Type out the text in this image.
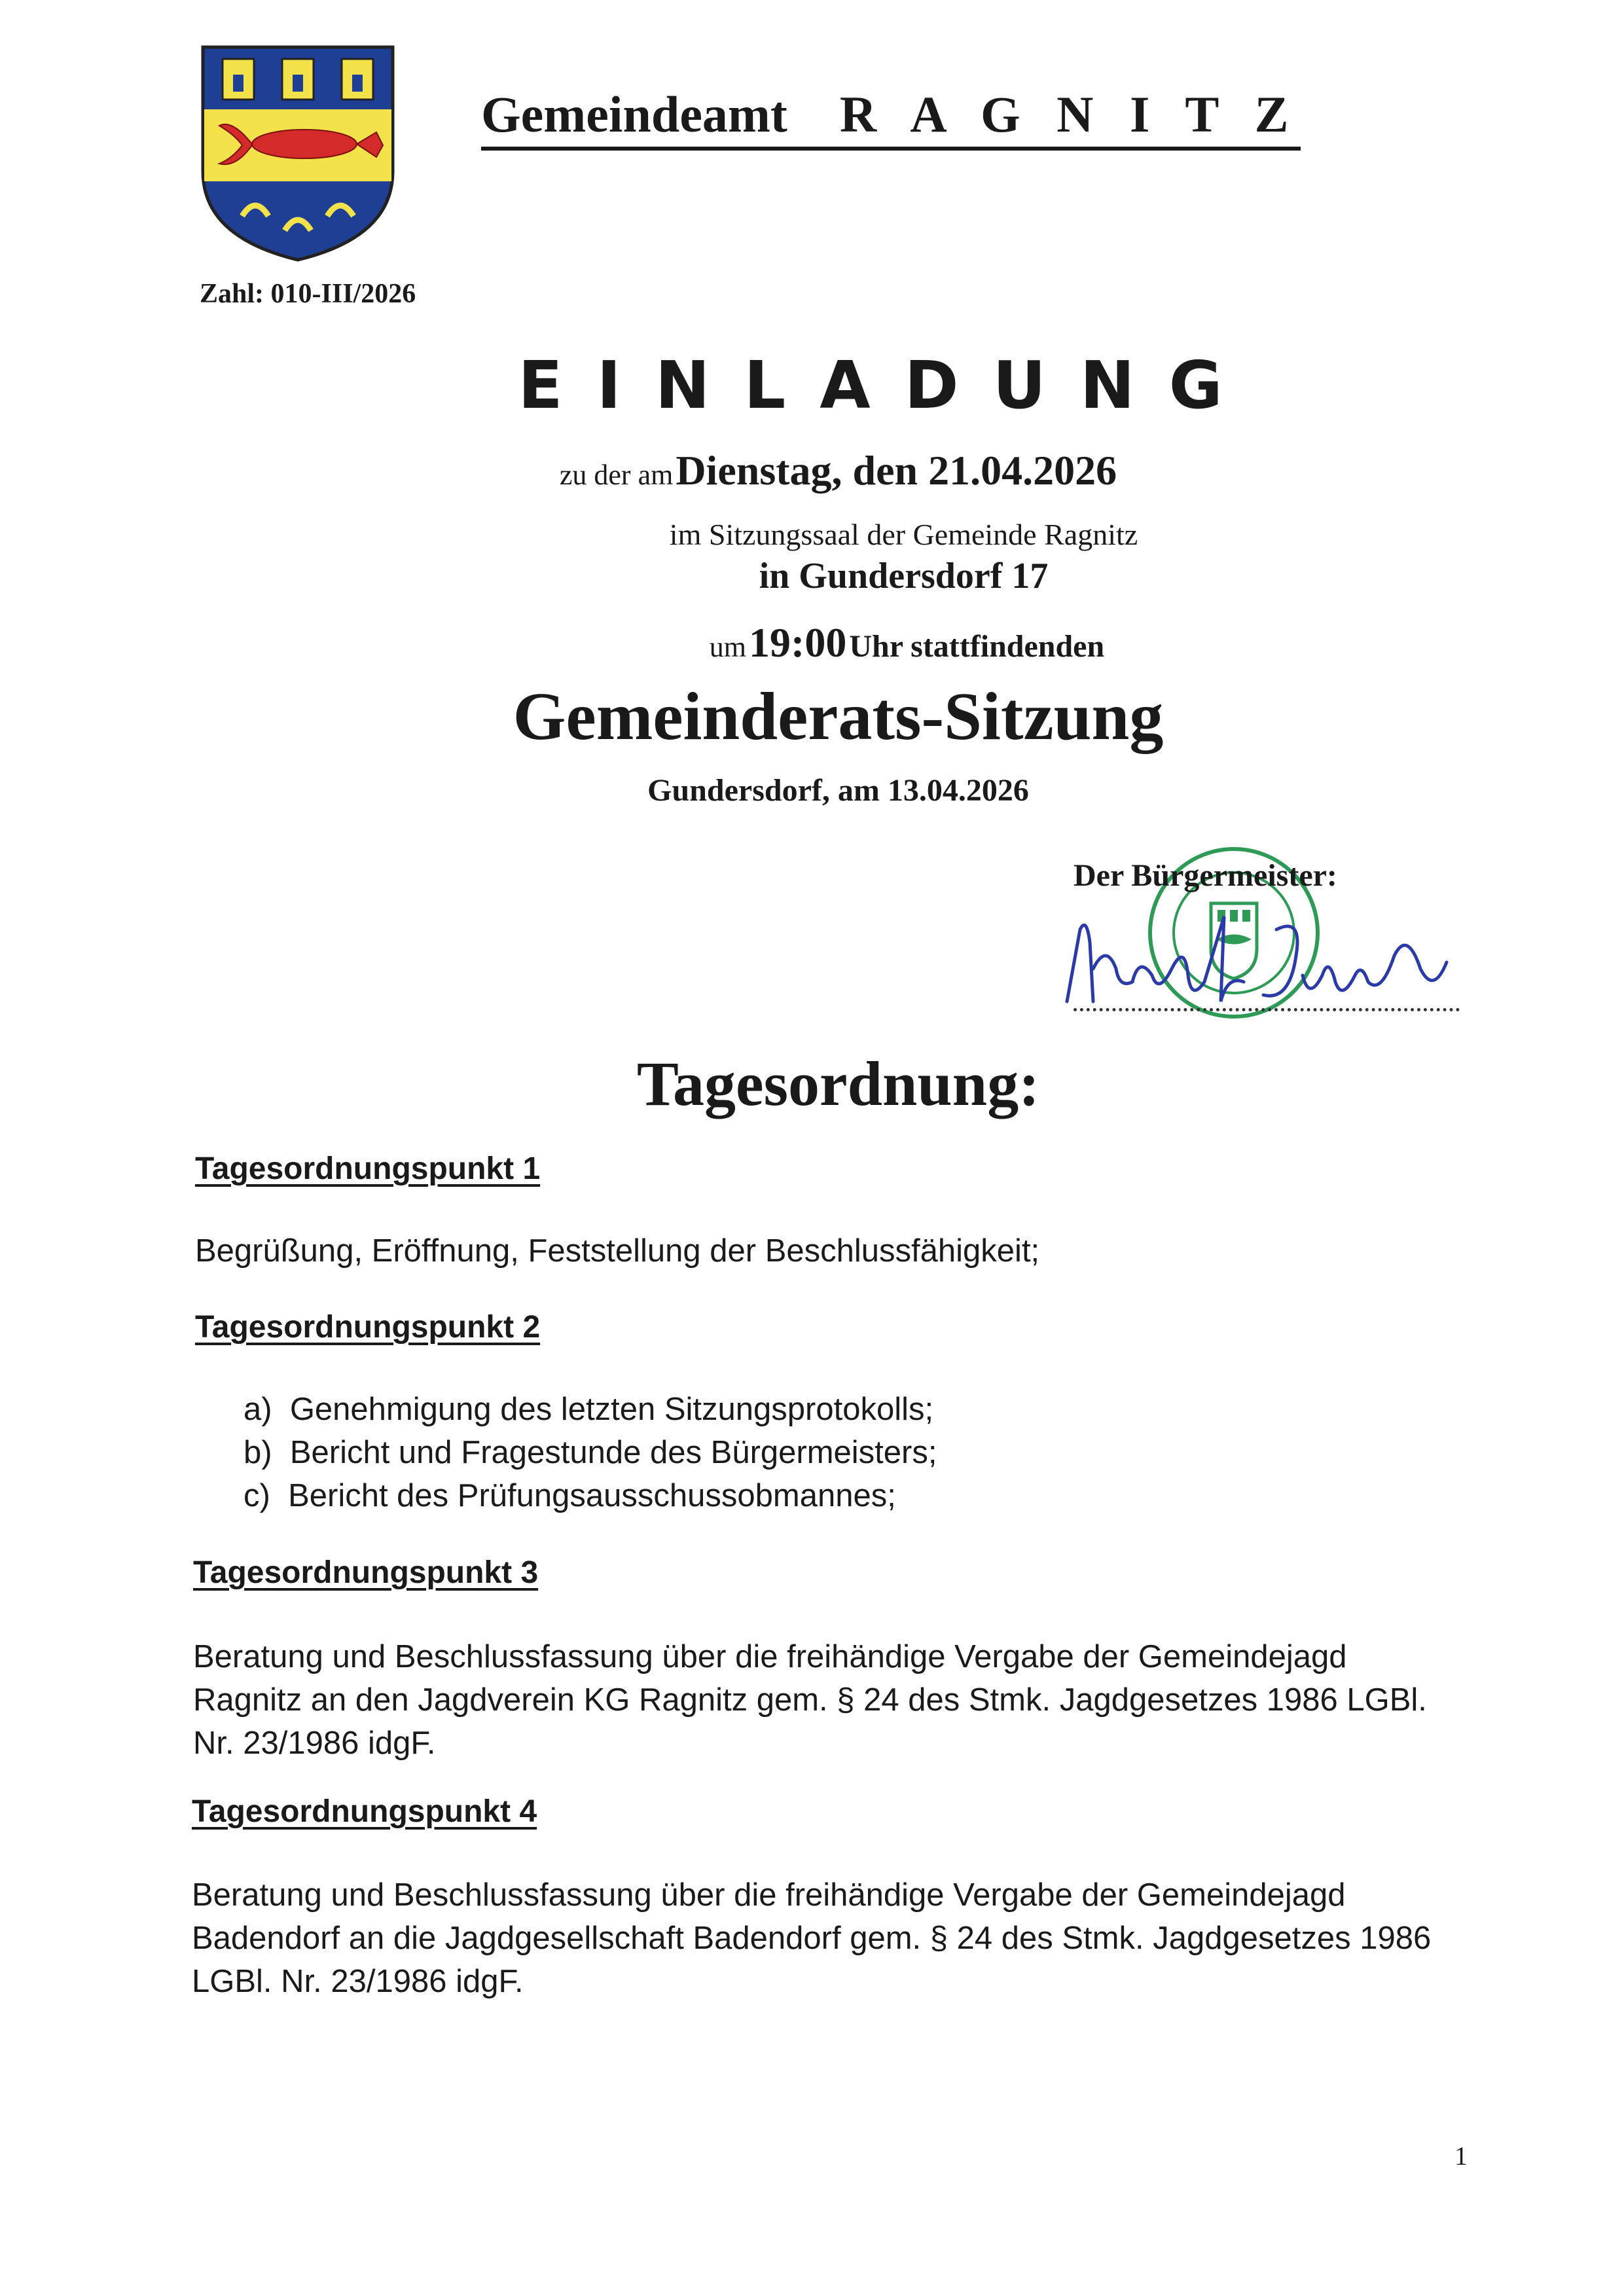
Gemeindeamt R A G N I T Z
Zahl: 010-III/2026
EINLADUNG
zu der am Dienstag, den 21.04.2026
im Sitzungssaal der Gemeinde Ragnitz
in Gundersdorf 17
um 19:00 Uhr stattfindenden
Gemeinderats-Sitzung
Gundersdorf, am 13.04.2026
Der Bürgermeister:
Tagesordnung:
Tagesordnungspunkt 1
Begrüßung, Eröffnung, Feststellung der Beschlussfähigkeit;
Tagesordnungspunkt 2
a) Genehmigung des letzten Sitzungsprotokolls;
b) Bericht und Fragestunde des Bürgermeisters;
c) Bericht des Prüfungsausschussobmannes;
Tagesordnungspunkt 3
Beratung und Beschlussfassung über die freihändige Vergabe der Gemeindejagd
Ragnitz an den Jagdverein KG Ragnitz gem. § 24 des Stmk. Jagdgesetzes 1986 LGBl.
Nr. 23/1986 idgF.
Tagesordnungspunkt 4
Beratung und Beschlussfassung über die freihändige Vergabe der Gemeindejagd
Badendorf an die Jagdgesellschaft Badendorf gem. § 24 des Stmk. Jagdgesetzes 1986
LGBl. Nr. 23/1986 idgF.
1
